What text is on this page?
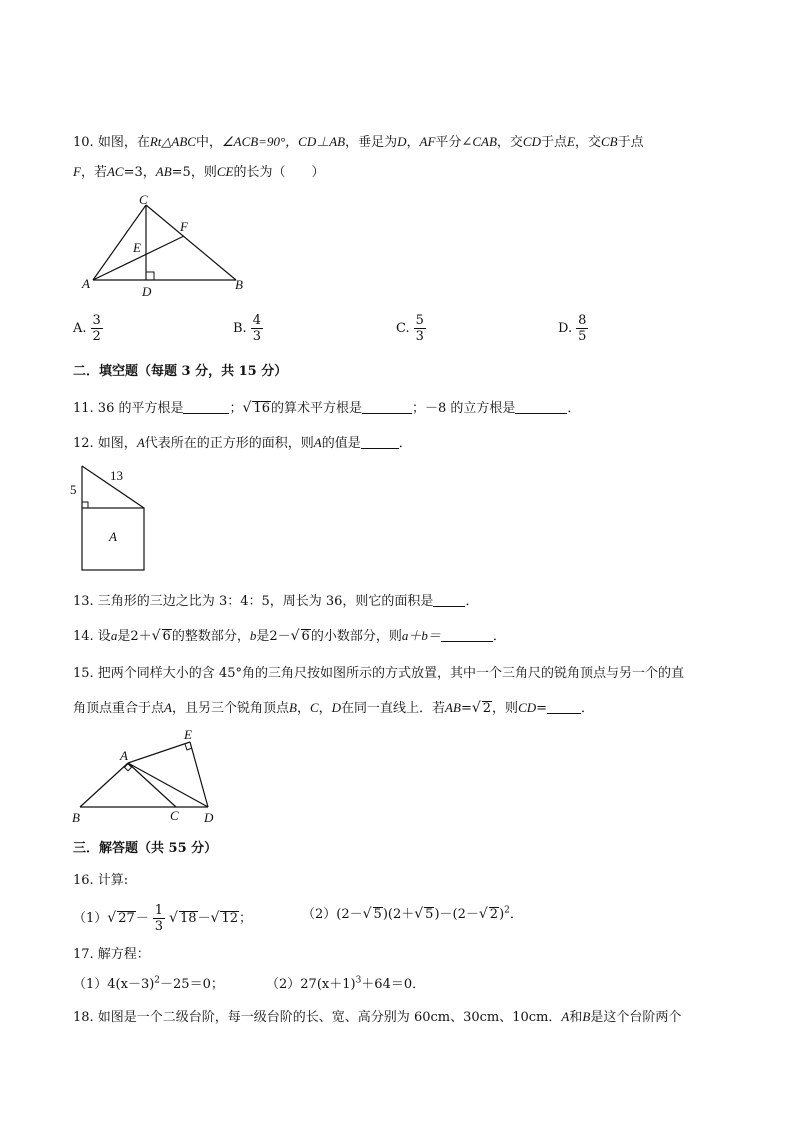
10. 如图，在Rt△ABC中，∠ACB=90°，CD⊥AB，垂足为D，AF平分∠CAB，交CD于点E，交CB于点
F，若AC=3，AB=5，则CE的长为（　　）
C
F
E
A
D	B
A. $\frac{3}{2}$	B. $\frac{4}{3}$	C. $\frac{5}{3}$	D. $\frac{8}{5}$
二．填空题（每题 3 分，共 15 分）
11. 36 的平方根是	；√ 16的算术平方根是	；－8 的立方根是	．
12. 如图，A代表所在的正方形的面积，则A的值是	．
13
5
A
13. 三角形的三边之比为 3：4：5，周长为 36，则它的面积是 ．
14. 设a是2＋√ 6的整数部分，b是2－√ 6的小数部分，则a＋b＝	．
15. 把两个同样大小的含 45°角的三角尺按如图所示的方式放置，其中一个三角尺的锐角顶点与另一个的直
角顶点重合于点A，且另三个锐角顶点B，C，D在同一直线上．若AB=√ 2，则CD=	．
A
E
B	C D
三．解答题（共 55 分）
16. 计算:
（1）√ $27- \frac{1}{3}$ √ 18－√ 12；	（2）(2－√ 5)(2＋√ 5)－(2－√ 2)$^2$．
17. 解方程：
$(1)4(x-3)^2-25=0$；	$(2)27(x+1)^3+64=0$．
18. 如图是一个二级台阶，每一级台阶的长、宽、高分别为 60cm、30cm、10cm．A和B是这个台阶两个
